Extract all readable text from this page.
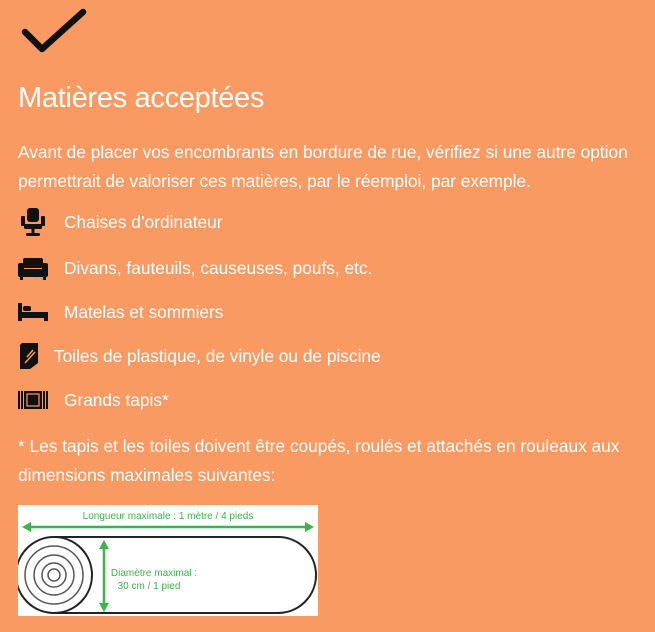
Matières acceptées

Avant de placer vos encombrants en bordure de rue, vérifiez si une autre option permettrait de valoriser ces matières, par le réemploi, par exemple.

Chaises d’ordinateur
Divans, fauteuils, causeuses, poufs, etc.
Matelas et sommiers
Toiles de plastique, de vinyle ou de piscine
Grands tapis*

* Les tapis et les toiles doivent être coupés, roulés et attachés en rouleaux aux dimensions maximales suivantes:

Longueur maximale : 1 mètre / 4 pieds
Diamètre maximal :
30 cm / 1 pied
